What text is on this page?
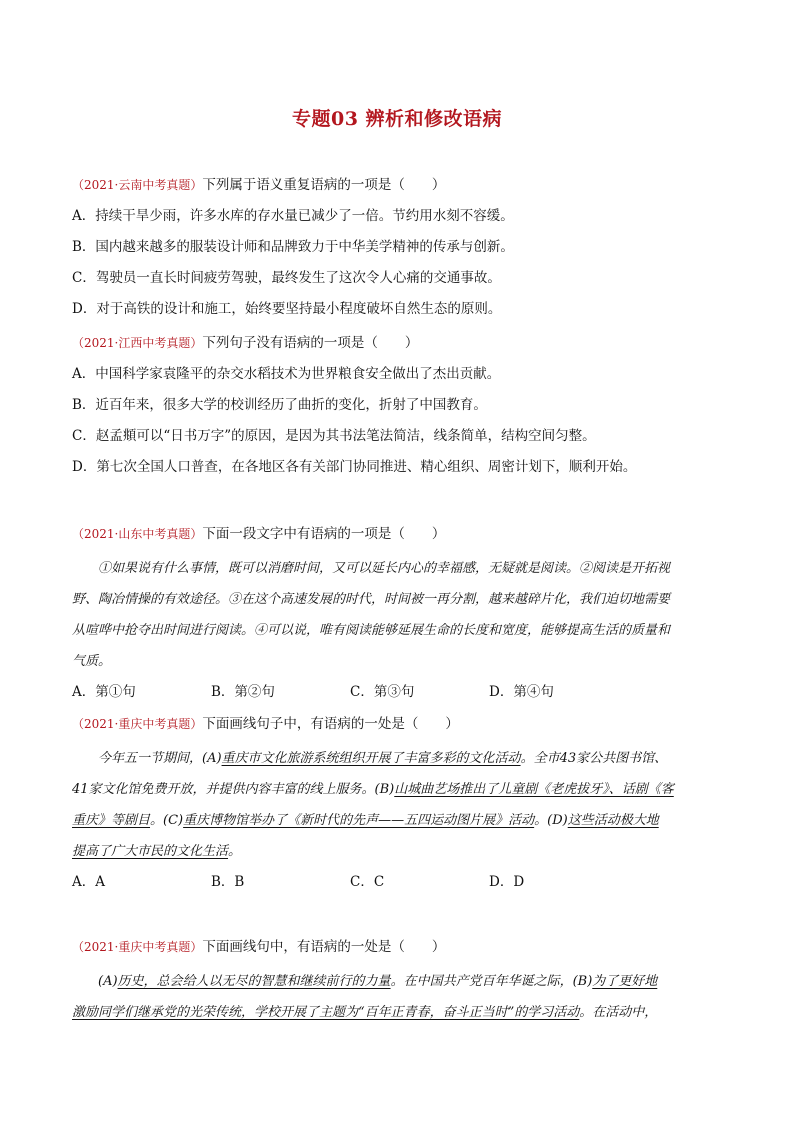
专题03 辨析和修改语病
（2021·云南中考真题）下列属于语义重复语病的一项是（　　）
A．持续干旱少雨，许多水库的存水量已减少了一倍。节约用水刻不容缓。
B．国内越来越多的服装设计师和品牌致力于中华美学精神的传承与创新。
C．驾驶员一直长时间疲劳驾驶，最终发生了这次令人心痛的交通事故。
D．对于高铁的设计和施工，始终要坚持最小程度破坏自然生态的原则。
（2021·江西中考真题）下列句子没有语病的一项是（　　）
A．中国科学家袁隆平的杂交水稻技术为世界粮食安全做出了杰出贡献。
B．近百年来，很多大学的校训经历了曲折的变化，折射了中国教育。
C．赵孟頫可以“日书万字”的原因，是因为其书法笔法简洁，线条简单，结构空间匀整。
D．第七次全国人口普查，在各地区各有关部门协同推进、精心组织、周密计划下，顺利开始。
（2021·山东中考真题）下面一段文字中有语病的一项是（　　）
①如果说有什么事情，既可以消磨时间，又可以延长内心的幸福感，无疑就是阅读。②阅读是开拓视
野、陶冶情操的有效途径。③在这个高速发展的时代，时间被一再分割，越来越碎片化，我们迫切地需要
从喧哗中抢夺出时间进行阅读。④可以说，唯有阅读能够延展生命的长度和宽度，能够提高生活的质量和
气质。
A．第①句	B．第②句	C．第③句	D．第④句
（2021·重庆中考真题）下面画线句子中，有语病的一处是（　　）
今年五一节期间，(A)重庆市文化旅游系统组织开展了丰富多彩的文化活动。全市43家公共图书馆、
41家文化馆免费开放，并提供内容丰富的线上服务。(B)山城曲艺场推出了儿童剧《老虎拔牙》、话剧《客
重庆》等剧目。(C)重庆博物馆举办了《新时代的先声——五四运动图片展》活动。(D)这些活动极大地
提高了广大市民的文化生活。
A．A	B．B	C．C	D．D
（2021·重庆中考真题）下面画线句中，有语病的一处是（　　）
(A)历史，总会给人以无尽的智慧和继续前行的力量。在中国共产党百年华诞之际，(B)为了更好地
激励同学们继承党的光荣传统，学校开展了主题为“百年正青春，奋斗正当时”的学习活动。在活动中，
